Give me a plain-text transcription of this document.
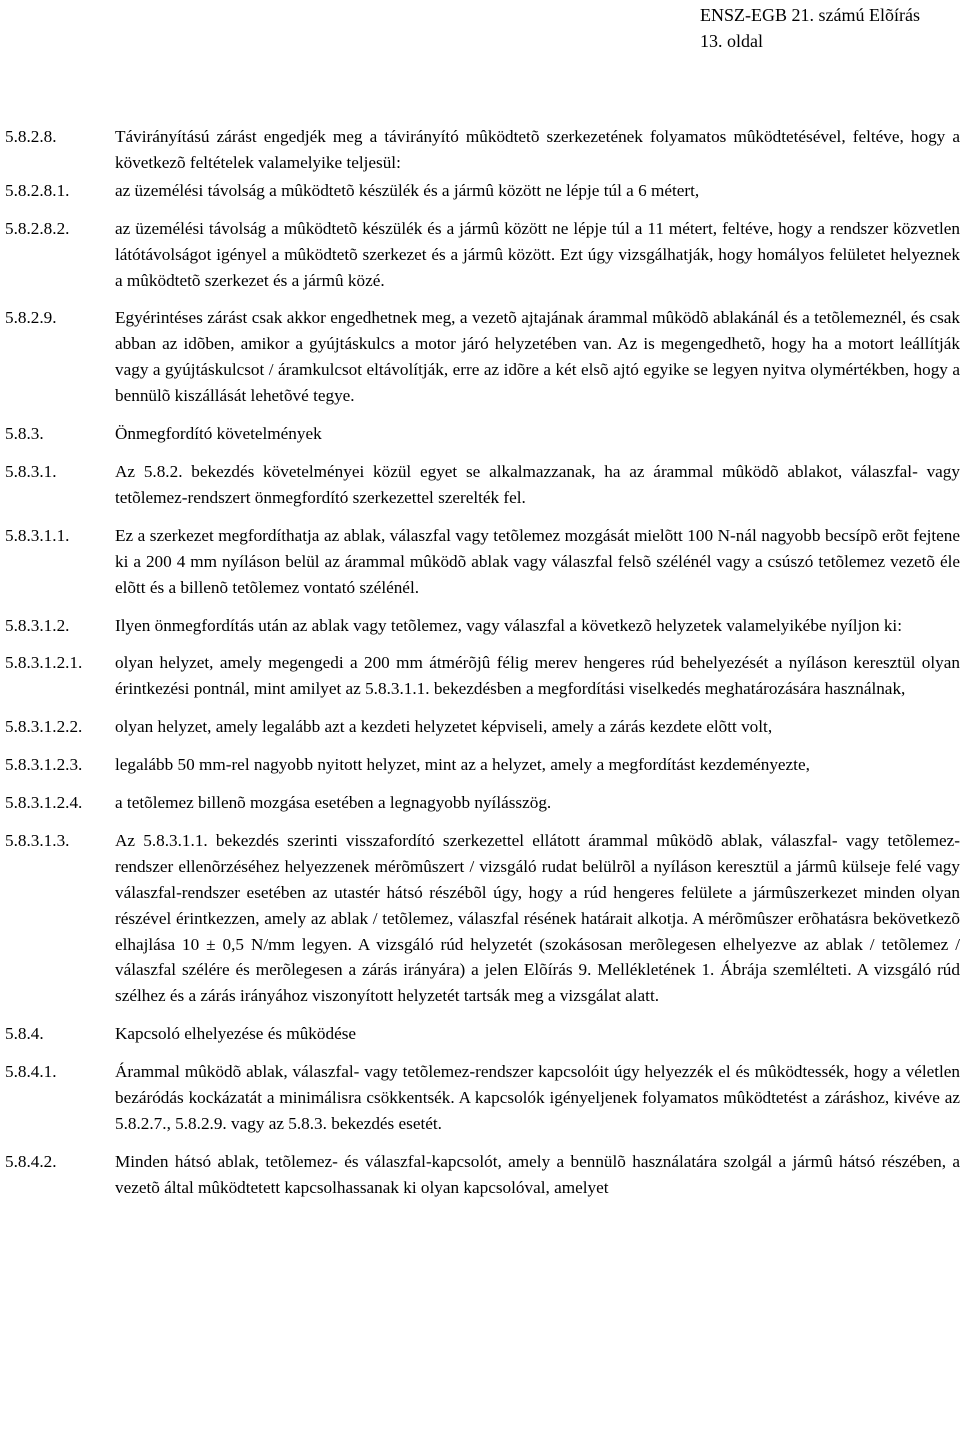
ENSZ-EGB 21. számú Elõírás
13. oldal
5.8.2.8.	Távirányítású zárást engedjék meg a távirányító mûködtetõ szerkezetének folyamatos mûködtetésével, feltéve, hogy a következõ feltételek valamelyike teljesül:
5.8.2.8.1.	az üzemélési távolság a mûködtetõ készülék és a jármû között ne lépje túl a 6 métert,
5.8.2.8.2.	az üzemélési távolság a mûködtetõ készülék és a jármû között ne lépje túl a 11 métert, feltéve, hogy a rendszer közvetlen látótávolságot igényel a mûködtetõ szerkezet és a jármû között. Ezt úgy vizsgálhatják, hogy homályos felületet helyeznek a mûködtetõ szerkezet és a jármû közé.
5.8.2.9.	Egyérintéses zárást csak akkor engedhetnek meg, a vezetõ ajtajának árammal mûködõ ablakánál és a tetõlemeznél, és csak abban az idõben, amikor a gyújtáskulcs a motor járó helyzetében van. Az is megengedhetõ, hogy ha a motort leállítják vagy a gyújtáskulcsot / áramkulcsot eltávolítják, erre az idõre a két elsõ ajtó egyike se legyen nyitva olymértékben, hogy a bennülõ kiszállását lehetõvé tegye.
5.8.3.	Önmegfordító követelmények
5.8.3.1.	Az 5.8.2. bekezdés követelményei közül egyet se alkalmazzanak, ha az árammal mûködõ ablakot, válaszfal- vagy tetõlemez-rendszert önmegfordító szerkezettel szerelték fel.
5.8.3.1.1.	Ez a szerkezet megfordíthatja az ablak, válaszfal vagy tetõlemez mozgását mielõtt 100 N-nál nagyobb becsípõ erõt fejtene ki a 200 4 mm nyíláson belül az árammal mûködõ ablak vagy válaszfal felsõ szélénél vagy a csúszó tetõlemez vezetõ éle elõtt és a billenõ tetõlemez vontató szélénél.
5.8.3.1.2.	Ilyen önmegfordítás után az ablak vagy tetõlemez, vagy válaszfal a következõ helyzetek valamelyikébe nyíljon ki:
5.8.3.1.2.1.	olyan helyzet, amely megengedi a 200 mm átmérõjû félig merev hengeres rúd behelyezését a nyíláson keresztül olyan érintkezési pontnál, mint amilyet az 5.8.3.1.1. bekezdésben a megfordítási viselkedés meghatározására használnak,
5.8.3.1.2.2.	olyan helyzet, amely legalább azt a kezdeti helyzetet képviseli, amely a zárás kezdete elõtt volt,
5.8.3.1.2.3.	legalább 50 mm-rel nagyobb nyitott helyzet, mint az a helyzet, amely a megfordítást kezdeményezte,
5.8.3.1.2.4.	a tetõlemez billenõ mozgása esetében a legnagyobb nyílásszög.
5.8.3.1.3.	Az 5.8.3.1.1. bekezdés szerinti visszafordító szerkezettel ellátott árammal mûködõ ablak, válaszfal- vagy tetõlemez-rendszer ellenõrzéséhez helyezzenek mérõmûszert / vizsgáló rudat belülrõl a nyíláson keresztül a jármû külseje felé vagy válaszfal-rendszer esetében az utastér hátsó részébõl úgy, hogy a rúd hengeres felülete a jármûszerkezet minden olyan részével érintkezzen, amely az ablak / tetõlemez, válaszfal résének határait alkotja. A mérõmûszer erõhatásra bekövetkezõ elhajlása 10 ± 0,5 N/mm legyen. A vizsgáló rúd helyzetét (szokásosan merõlegesen elhelyezve az ablak / tetõlemez / válaszfal szélére és merõlegesen a zárás irányára) a jelen Elõírás 9. Mellékletének 1. Ábrája szemlélteti. A vizsgáló rúd szélhez és a zárás irányához viszonyított helyzetét tartsák meg a vizsgálat alatt.
5.8.4.	Kapcsoló elhelyezése és mûködése
5.8.4.1.	Árammal mûködõ ablak, válaszfal- vagy tetõlemez-rendszer kapcsolóit úgy helyezzék el és mûködtessék, hogy a véletlen bezáródás kockázatát a minimálisra csökkentsék. A kapcsolók igényeljenek folyamatos mûködtetést a záráshoz, kivéve az 5.8.2.7., 5.8.2.9. vagy az 5.8.3. bekezdés esetét.
5.8.4.2.	Minden hátsó ablak, tetõlemez- és válaszfal-kapcsolót, amely a bennülõ használatára szolgál a jármû hátsó részében, a vezetõ által mûködtetett kapcsolhassanak ki olyan kapcsolóval, amelyet
